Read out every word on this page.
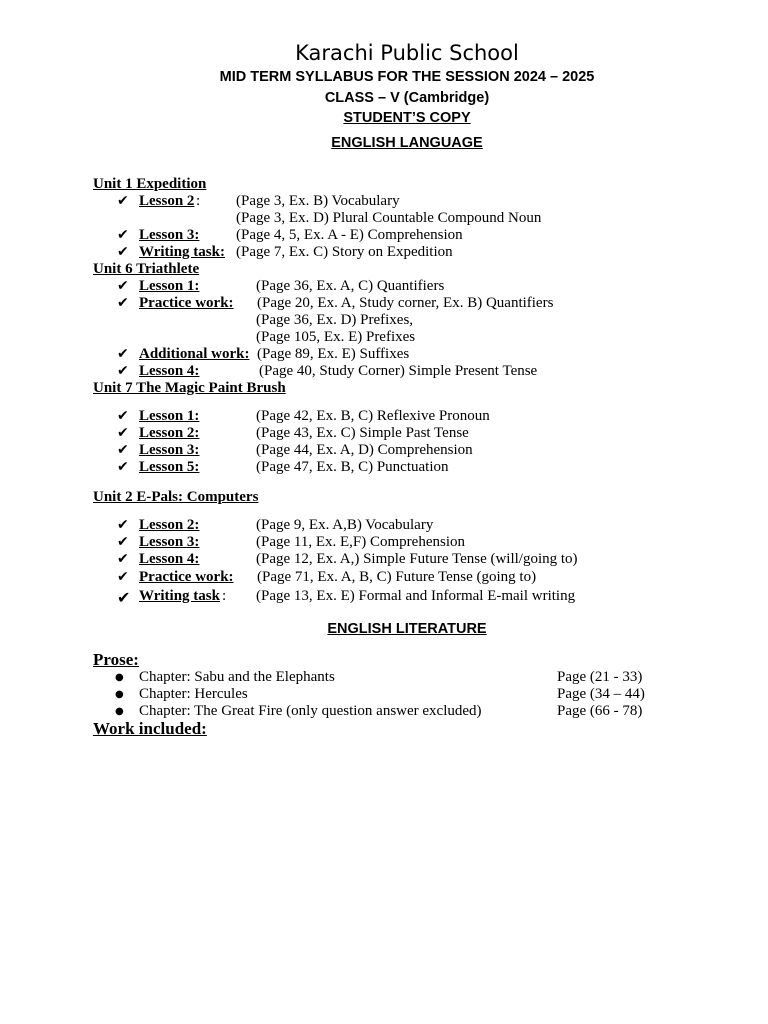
Karachi Public School
MID TERM SYLLABUS FOR THE SESSION 2024 – 2025
CLASS – V (Cambridge)
STUDENT’S COPY
ENGLISH LANGUAGE
Unit 1 Expedition
✔ Lesson 2 : (Page 3, Ex. B) Vocabulary
(Page 3, Ex. D) Plural Countable Compound Noun
✔ Lesson 3: (Page 4, 5, Ex. A - E) Comprehension
✔ Writing task: (Page 7, Ex. C) Story on Expedition
Unit 6 Triathlete
✔ Lesson 1:	(Page 36, Ex. A, C) Quantifiers
✔ Practice work: (Page 20, Ex. A, Study corner, Ex. B) Quantifiers
(Page 36, Ex. D) Prefixes,
(Page 105, Ex. E) Prefixes
✔ Additional work: (Page 89, Ex. E) Suffixes
✔ Lesson 4:	(Page 40, Study Corner) Simple Present Tense
Unit 7 The Magic Paint Brush
✔ Lesson 1:	(Page 42, Ex. B, C) Reflexive Pronoun
✔ Lesson 2:	(Page 43, Ex. C) Simple Past Tense
✔ Lesson 3:	(Page 44, Ex. A, D) Comprehension
✔ Lesson 5:	(Page 47, Ex. B, C) Punctuation
Unit 2 E-Pals: Computers
✔ Lesson 2:	(Page 9, Ex. A,B) Vocabulary
✔ Lesson 3:	(Page 11, Ex. E,F) Comprehension
✔ Lesson 4:	(Page 12, Ex. A,) Simple Future Tense (will/going to)
✔ Practice work: (Page 71, Ex. A, B, C) Future Tense (going to)
✔ Writing task : (Page 13, Ex. E) Formal and Informal E-mail writing
ENGLISH LITERATURE
Prose:
● Chapter: Sabu and the Elephants	Page (21 - 33)
● Chapter: Hercules	Page (34 – 44)
● Chapter: The Great Fire (only question answer excluded)	Page (66 - 78)
Work included:
